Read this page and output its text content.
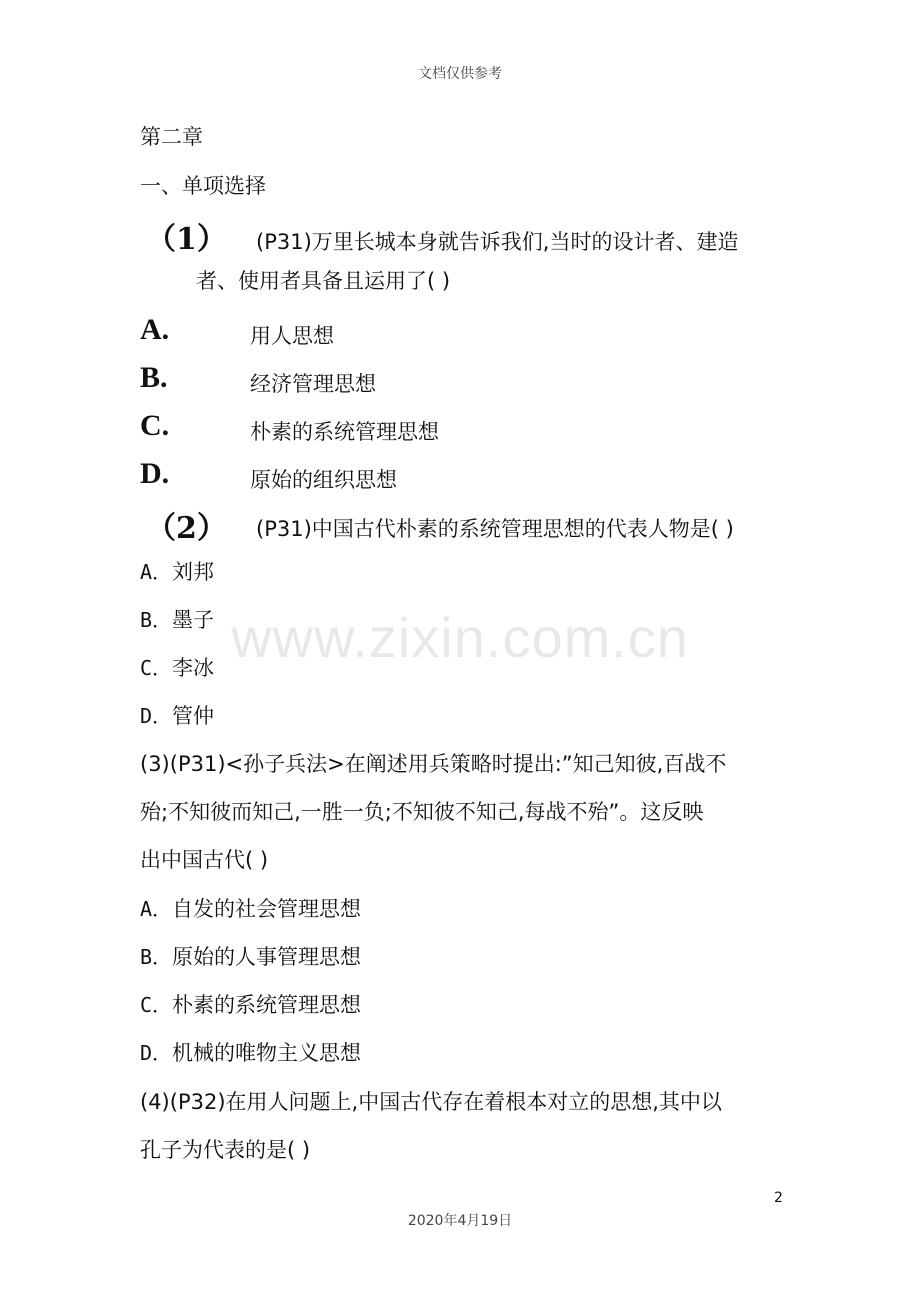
文档仅供参考
第二章
一、单项选择
（1） (P31)万里长城本身就告诉我们,当时的设计者、建造
者、使用者具备且运用了( )
A.	用人思想
B.	经济管理思想
C.	朴素的系统管理思想
D.	原始的组织思想
（2） (P31)中国古代朴素的系统管理思想的代表人物是( )
A．刘邦
B．墨子
C．李冰
D．管仲
(3)(P31)<孙子兵法>在阐述用兵策略时提出:”知己知彼,百战不
殆;不知彼而知己,一胜一负;不知彼不知己,每战不殆”。这反映
出中国古代( )
A．自发的社会管理思想
B．原始的人事管理思想
C．朴素的系统管理思想
D．机械的唯物主义思想
(4)(P32)在用人问题上,中国古代存在着根本对立的思想,其中以
孔子为代表的是( )
www.zixin.com.cn
2
2020年4月19日
